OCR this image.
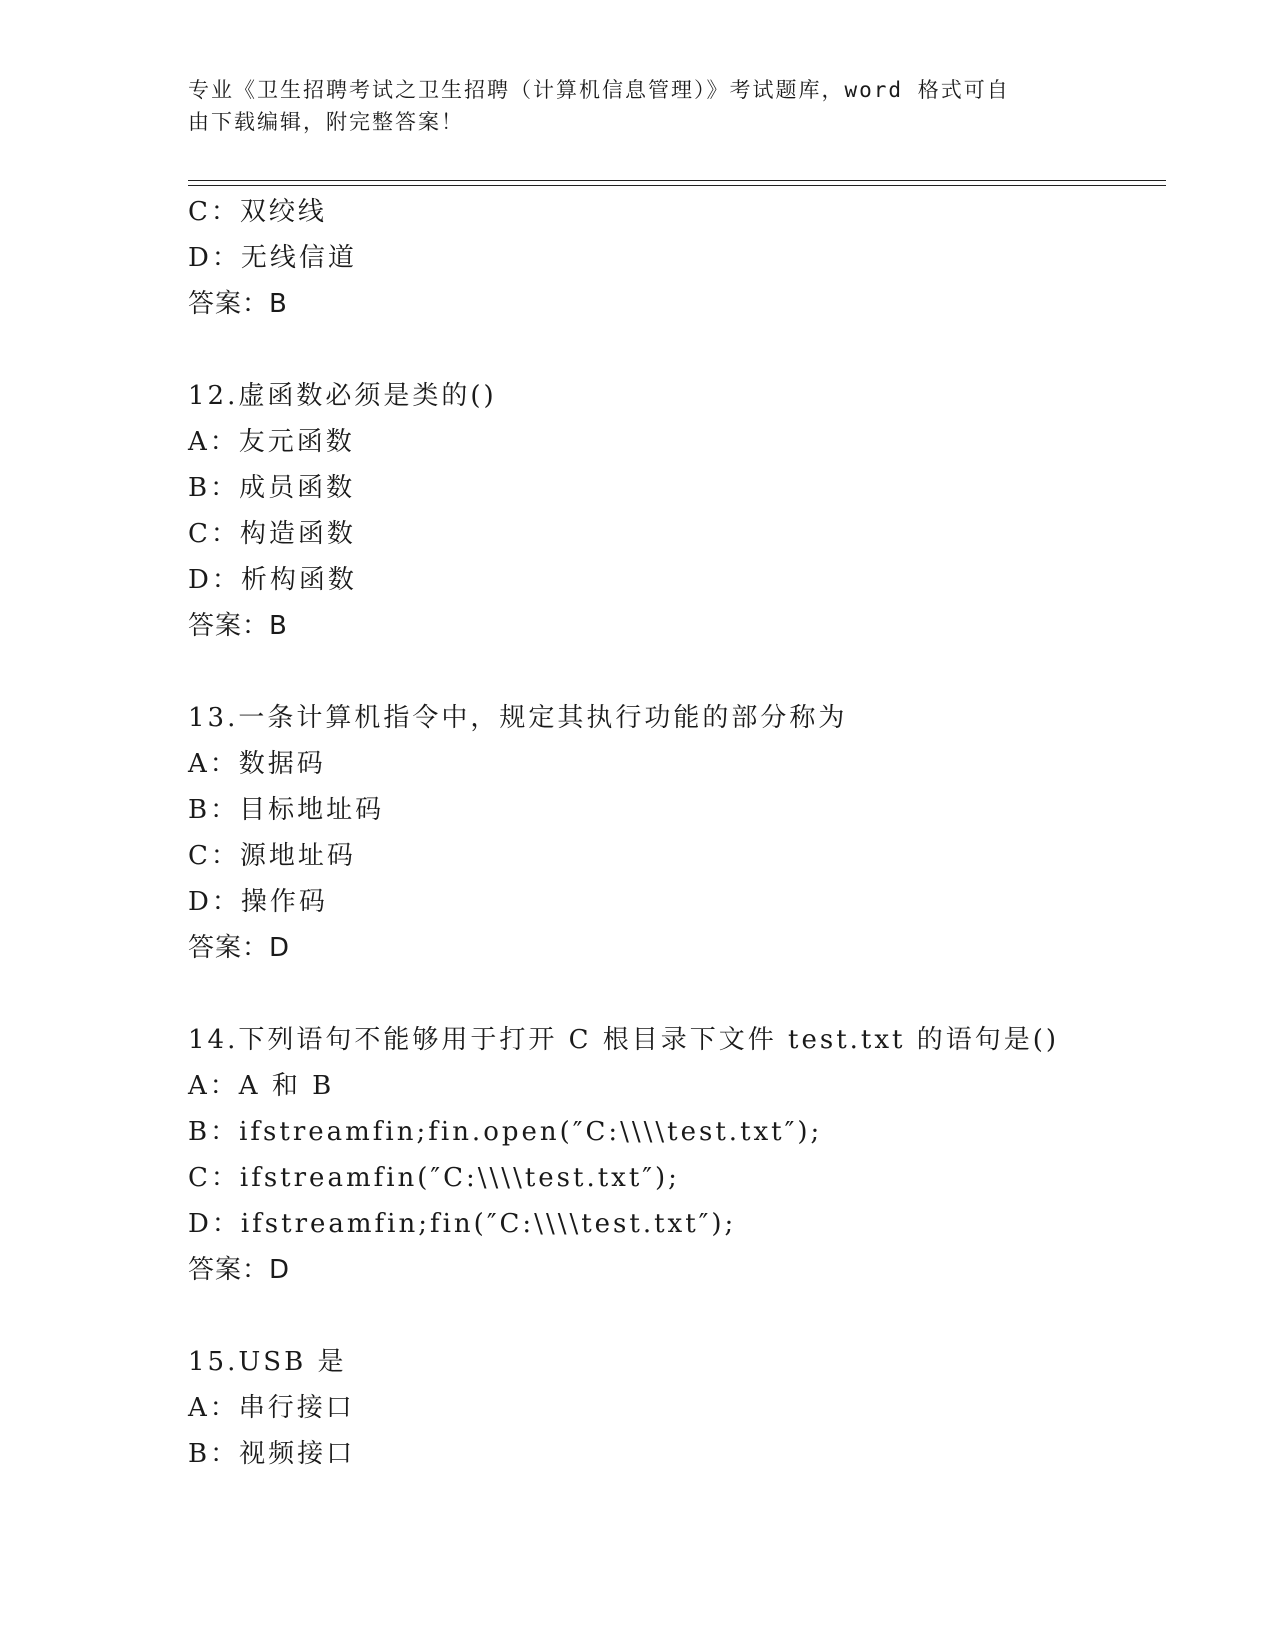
专业《卫生招聘考试之卫生招聘（计算机信息管理）》考试题库，word 格式可自
由下载编辑，附完整答案！
C：双绞线
D：无线信道
答案：B
12.虚函数必须是类的()
A：友元函数
B：成员函数
C：构造函数
D：析构函数
答案：B
13.一条计算机指令中，规定其执行功能的部分称为
A：数据码
B：目标地址码
C：源地址码
D：操作码
答案：D
14.下列语句不能够用于打开 C 根目录下文件 test.txt 的语句是()
A：A 和 B
B：ifstreamfin;fin.open(″C:\\\\test.txt″);
C：ifstreamfin(″C:\\\\test.txt″);
D：ifstreamfin;fin(″C:\\\\test.txt″);
答案：D
15.USB 是
A：串行接口
B：视频接口
